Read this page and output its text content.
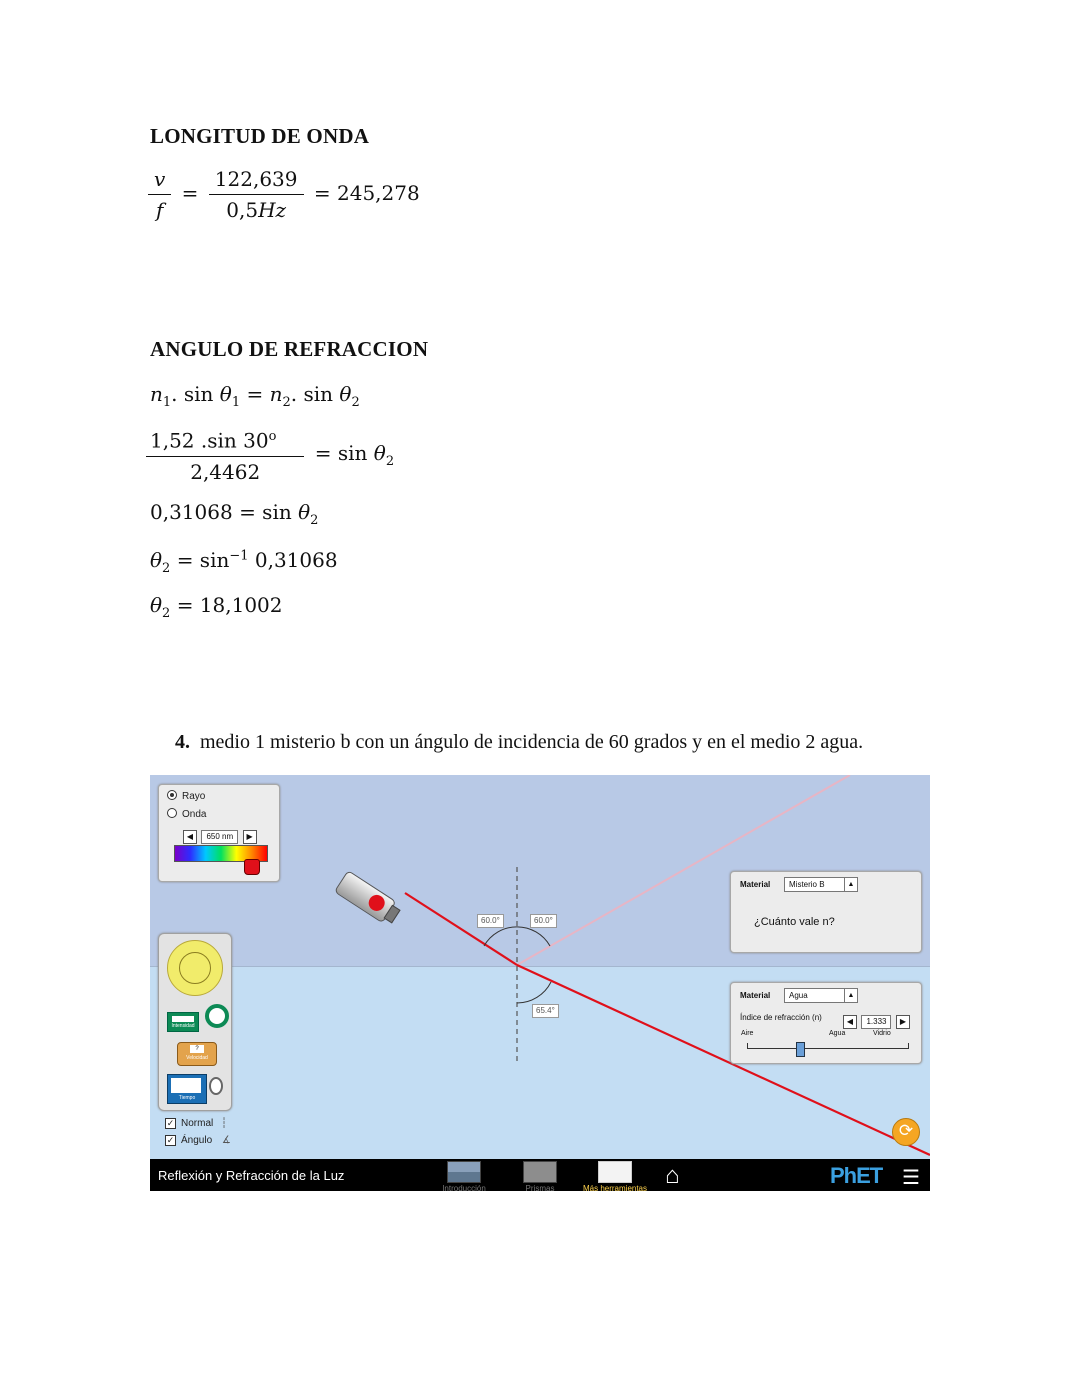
LONGITUD DE ONDA
$\frac{v}{f} = \frac{122,639}{0,5Hz} = 245,278$
ANGULO DE REFRACCION
$n_1$. $\sin \theta_1 = n_2$. $\sin \theta_2$
$\frac{1,52 .\sin 30^o}{2,4462} = \sin \theta_2$
$0,31068 = \sin \theta_2$
$\theta_2 = \sin^{-1} 0,31068$
$\theta_2 = 18,1002$
4. medio 1 misterio b con un ángulo de incidencia de 60 grados y en el medio 2 agua.
60.0°	60.0°
65.4°
Rayo
Onda
◀ 650 nm ▶
Intensidad
?
Velocidad
Tiempo
✓ Normal ┆
✓ Ángulo ∡
Material	Misterio B	▲
¿Cuánto vale n?
Material	Agua	▲
Índice de refracción (n)	◀ 1.333 ▶
Aire	Agua	Vidrio
⟳
Reflexión y Refracción de la Luz
Introducción	Prismas	Más herramientas ⌂	PhET ☰
